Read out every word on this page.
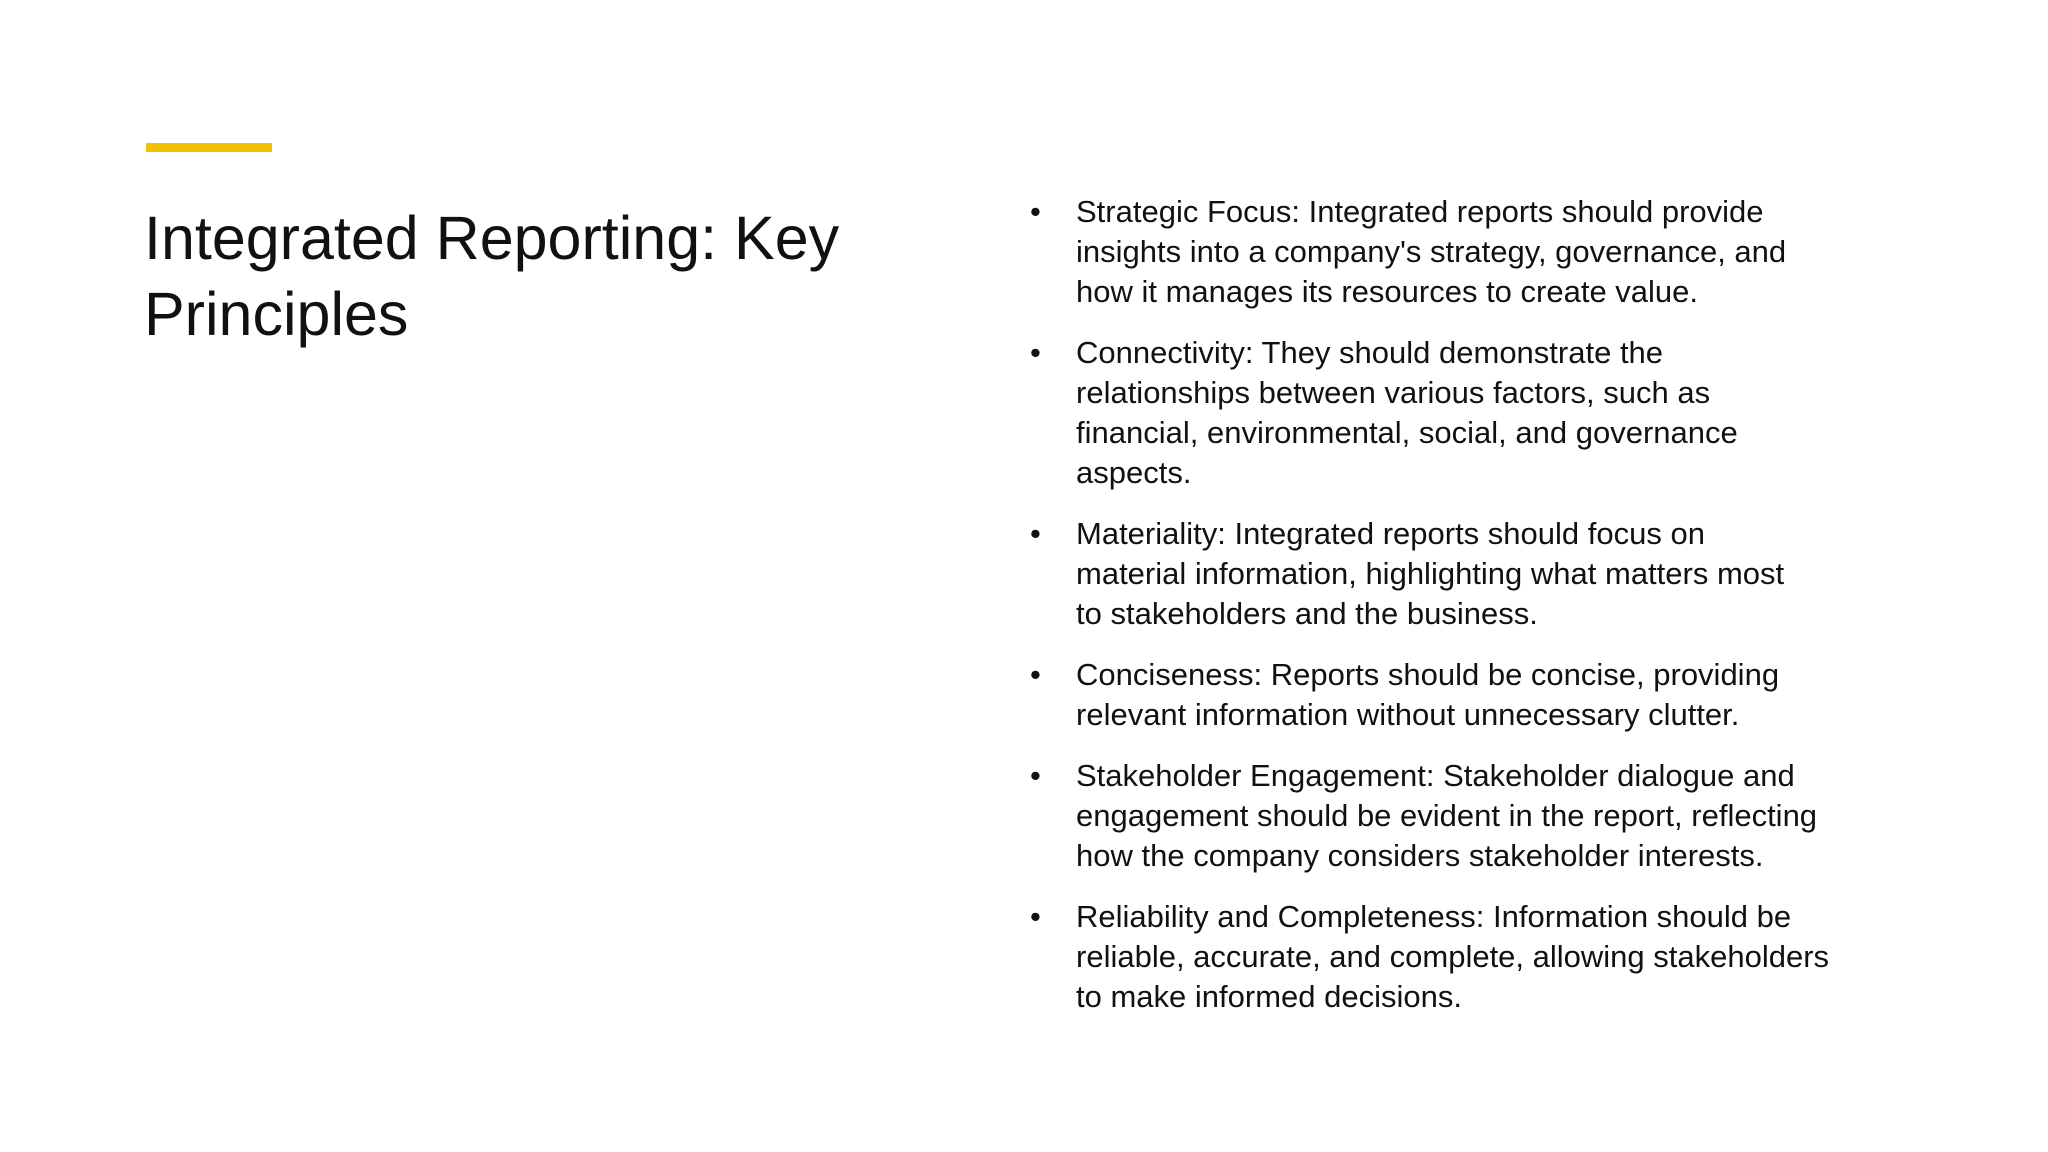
Integrated Reporting: Key
Principles
• Strategic Focus: Integrated reports should provide
insights into a company's strategy, governance, and
how it manages its resources to create value.
• Connectivity: They should demonstrate the
relationships between various factors, such as
financial, environmental, social, and governance
aspects.
• Materiality: Integrated reports should focus on
material information, highlighting what matters most
to stakeholders and the business.
• Conciseness: Reports should be concise, providing
relevant information without unnecessary clutter.
• Stakeholder Engagement: Stakeholder dialogue and
engagement should be evident in the report, reflecting
how the company considers stakeholder interests.
• Reliability and Completeness: Information should be
reliable, accurate, and complete, allowing stakeholders
to make informed decisions.
